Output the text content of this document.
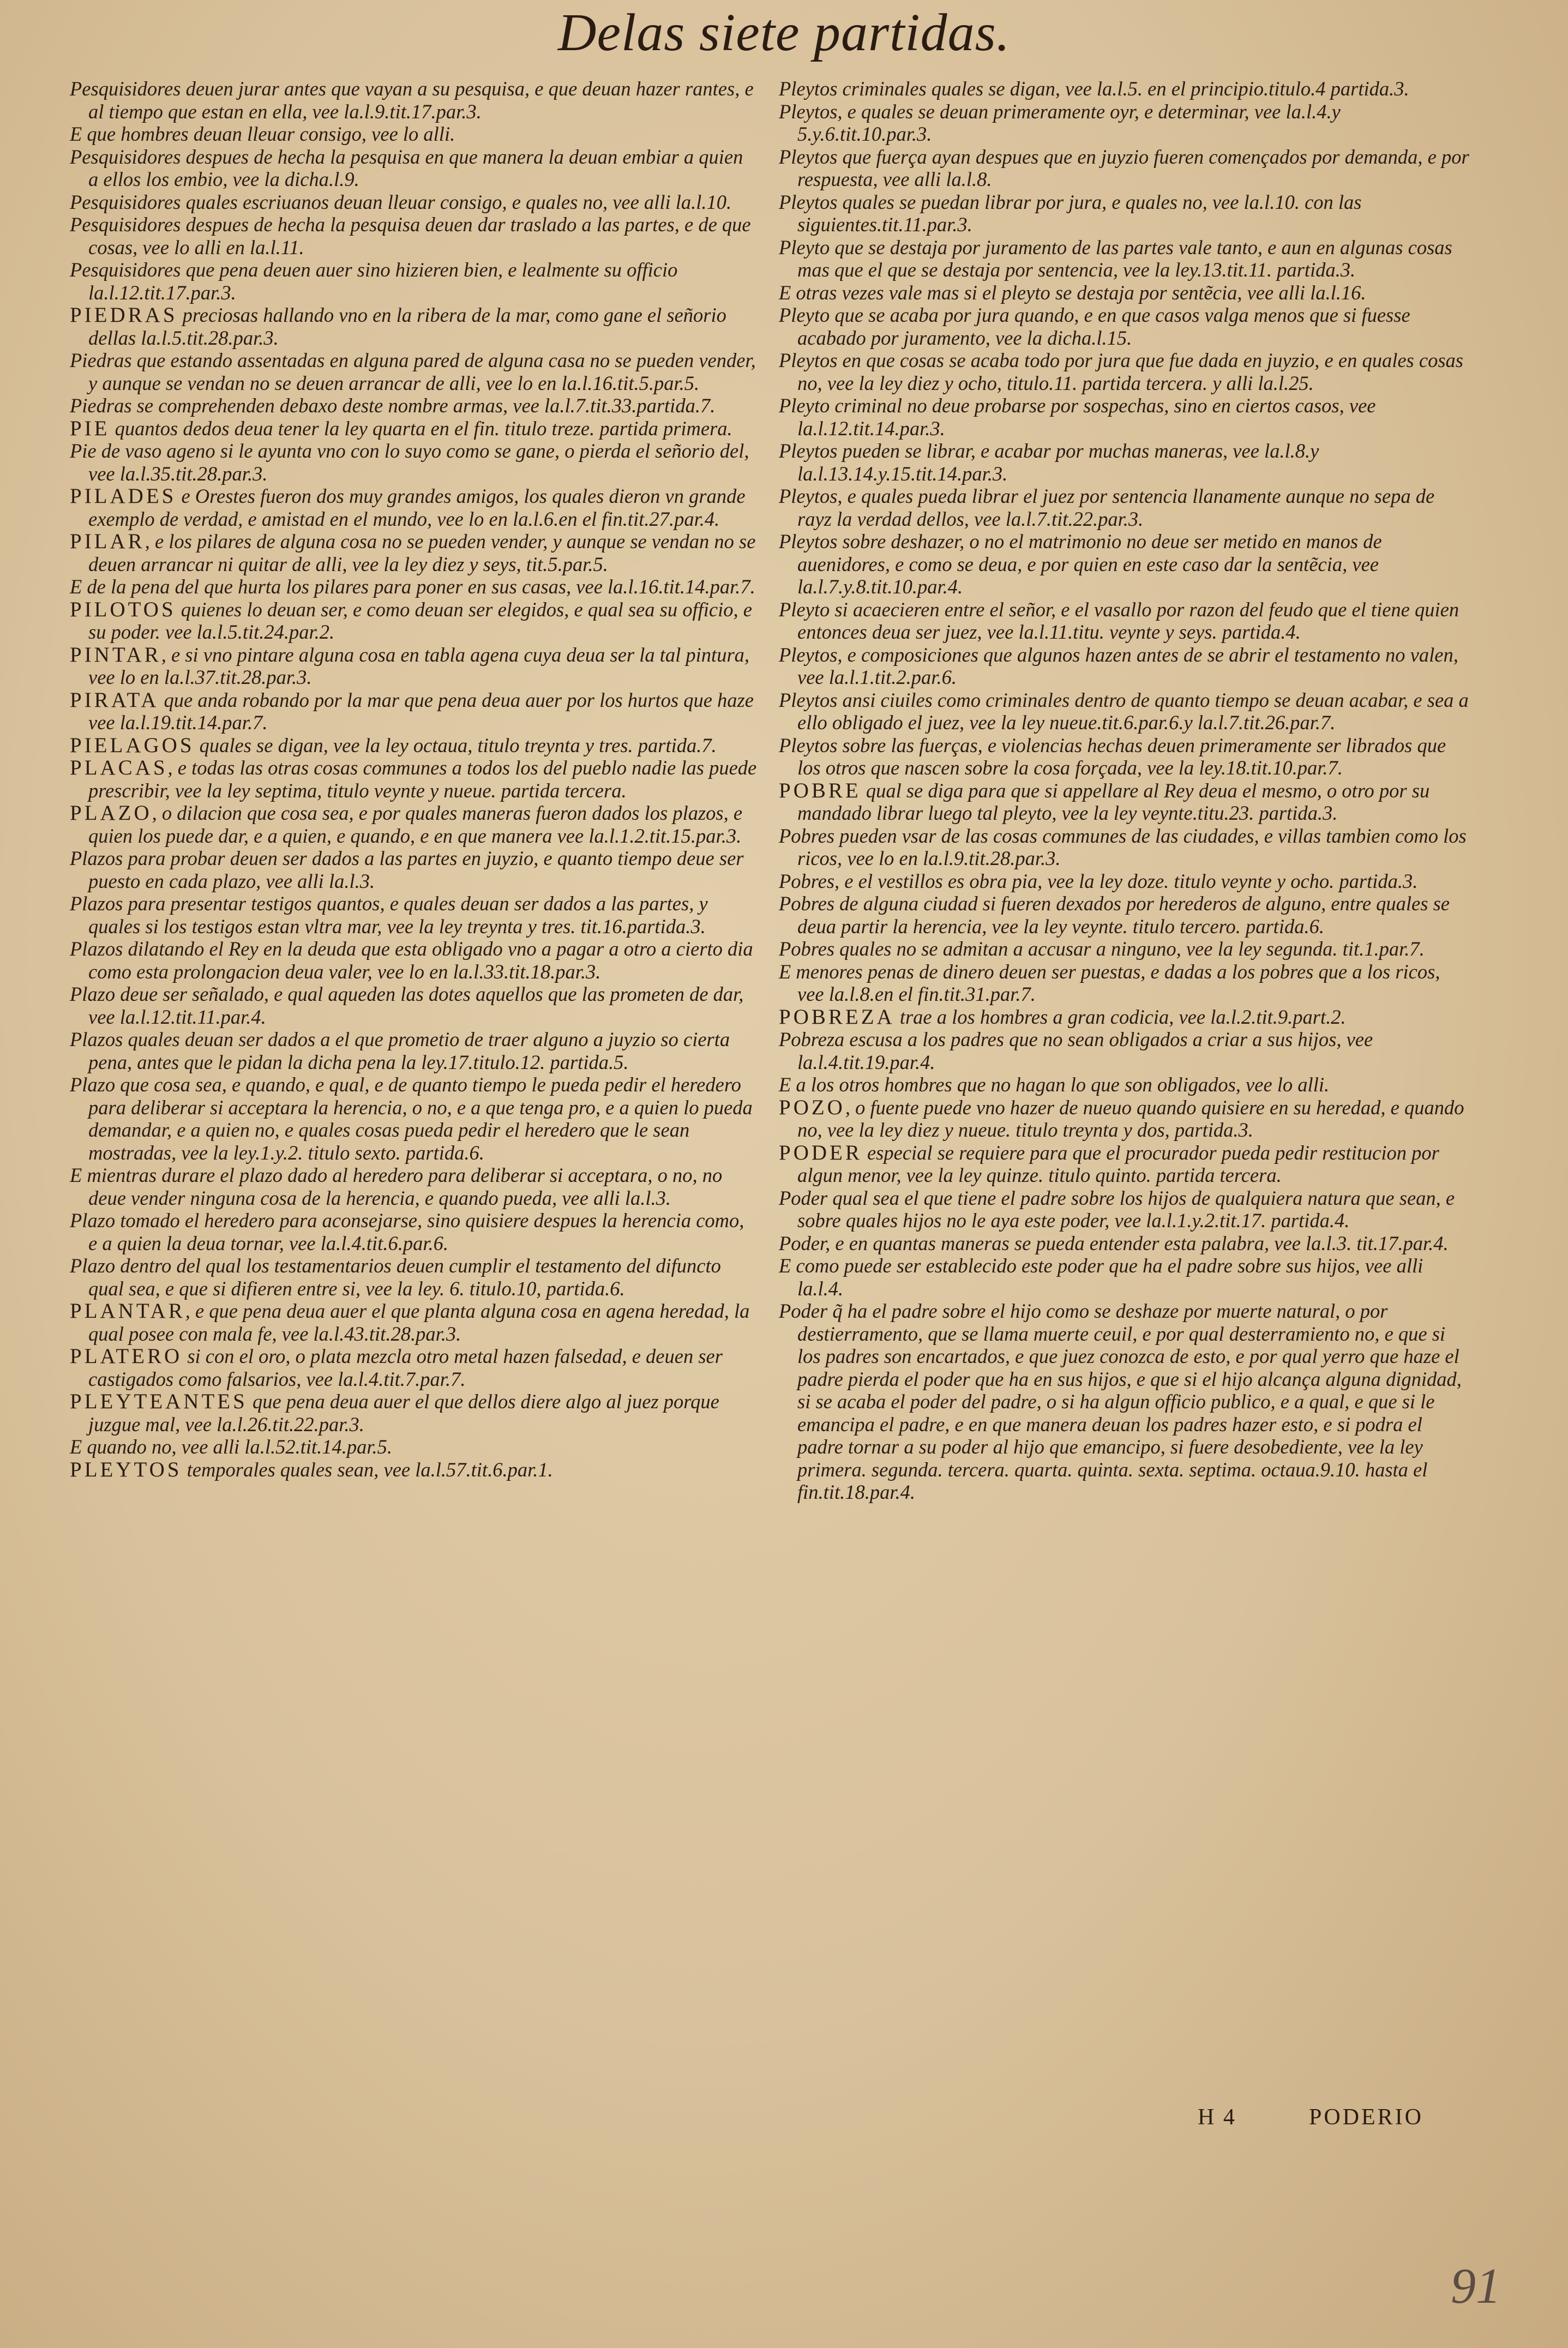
Delas siete partidas.

Pesquisidores deuen jurar antes que vayan a su pesquisa, e que deuan hazer rantes, e al tiempo que estan en ella, vee la.l.9.tit.17.par.3.

E que hombres deuan lleuar consigo, vee lo alli.

Pesquisidores despues de hecha la pesquisa en que manera la deuan embiar a quien a ellos los embio, vee la dicha.l.9.

Pesquisidores quales escriuanos deuan lleuar consigo, e quales no, vee alli la.l.10.

Pesquisidores despues de hecha la pesquisa deuen dar traslado a las partes, e de que cosas, vee lo alli en la.l.11.

Pesquisidores que pena deuen auer sino hizieren bien, e lealmente su officio la.l.12.tit.17.par.3.

PIEDRAS preciosas hallando vno en la ribera de la mar, como gane el señorio dellas la.l.5.tit.28.par.3.

Piedras que estando assentadas en alguna pared de alguna casa no se pueden vender, y aunque se vendan no se deuen arrancar de alli, vee lo en la.l.16.tit.5.par.5.

Piedras se comprehenden debaxo deste nombre armas, vee la.l.7.tit.33.partida.7.

PIE quantos dedos deua tener la ley quarta en el fin. titulo treze. partida primera.

Pie de vaso ageno si le ayunta vno con lo suyo como se gane, o pierda el señorio del, vee la.l.35.tit.28.par.3.

PILADES e Orestes fueron dos muy grandes amigos, los quales dieron vn grande exemplo de verdad, e amistad en el mundo, vee lo en la.l.6.en el fin.tit.27.par.4.

PILAR, e los pilares de alguna cosa no se pueden vender, y aunque se vendan no se deuen arrancar ni quitar de alli, vee la ley diez y seys, tit.5.par.5.

E de la pena del que hurta los pilares para poner en sus casas, vee la.l.16.tit.14.par.7.

PILOTOS quienes lo deuan ser, e como deuan ser elegidos, e qual sea su officio, e su poder. vee la.l.5.tit.24.par.2.

PINTAR, e si vno pintare alguna cosa en tabla agena cuya deua ser la tal pintura, vee lo en la.l.37.tit.28.par.3.

PIRATA que anda robando por la mar que pena deua auer por los hurtos que haze vee la.l.19.tit.14.par.7.

PIELAGOS quales se digan, vee la ley octaua, titulo treynta y tres. partida.7.

PLACAS, e todas las otras cosas communes a todos los del pueblo nadie las puede prescribir, vee la ley septima, titulo veynte y nueue. partida tercera.

PLAZO, o dilacion que cosa sea, e por quales maneras fueron dados los plazos, e quien los puede dar, e a quien, e quando, e en que manera vee la.l.1.2.tit.15.par.3.

Plazos para probar deuen ser dados a las partes en juyzio, e quanto tiempo deue ser puesto en cada plazo, vee alli la.l.3.

Plazos para presentar testigos quantos, e quales deuan ser dados a las partes, y quales si los testigos estan vltra mar, vee la ley treynta y tres. tit.16.partida.3.

Plazos dilatando el Rey en la deuda que esta obligado vno a pagar a otro a cierto dia como esta prolongacion deua valer, vee lo en la.l.33.tit.18.par.3.

Plazo deue ser señalado, e qual aqueden las dotes aquellos que las prometen de dar, vee la.l.12.tit.11.par.4.

Plazos quales deuan ser dados a el que prometio de traer alguno a juyzio so cierta pena, antes que le pidan la dicha pena la ley.17.titulo.12. partida.5.

Plazo que cosa sea, e quando, e qual, e de quanto tiempo le pueda pedir el heredero para deliberar si acceptara la herencia, o no, e a que tenga pro, e a quien lo pueda demandar, e a quien no, e quales cosas pueda pedir el heredero que le sean mostradas, vee la ley.1.y.2. titulo sexto. partida.6.

E mientras durare el plazo dado al heredero para deliberar si acceptara, o no, no deue vender ninguna cosa de la herencia, e quando pueda, vee alli la.l.3.

Plazo tomado el heredero para aconsejarse, sino quisiere despues la herencia como, e a quien la deua tornar, vee la.l.4.tit.6.par.6.

Plazo dentro del qual los testamentarios deuen cumplir el testamento del difuncto qual sea, e que si difieren entre si, vee la ley. 6. titulo.10, partida.6.

PLANTAR, e que pena deua auer el que planta alguna cosa en agena heredad, la qual posee con mala fe, vee la.l.43.tit.28.par.3.

PLATERO si con el oro, o plata mezcla otro metal hazen falsedad, e deuen ser castigados como falsarios, vee la.l.4.tit.7.par.7.

PLEYTEANTES que pena deua auer el que dellos diere algo al juez porque juzgue mal, vee la.l.26.tit.22.par.3.

E quando no, vee alli la.l.52.tit.14.par.5.

PLEYTOS temporales quales sean, vee la.l.57.tit.6.par.1.

Pleytos criminales quales se digan, vee la.l.5. en el principio.titulo.4 partida.3.

Pleytos, e quales se deuan primeramente oyr, e determinar, vee la.l.4.y 5.y.6.tit.10.par.3.

Pleytos que fuerça ayan despues que en juyzio fueren començados por demanda, e por respuesta, vee alli la.l.8.

Pleytos quales se puedan librar por jura, e quales no, vee la.l.10. con las siguientes.tit.11.par.3.

Pleyto que se destaja por juramento de las partes vale tanto, e aun en algunas cosas mas que el que se destaja por sentencia, vee la ley.13.tit.11. partida.3.

E otras vezes vale mas si el pleyto se destaja por sentẽcia, vee alli la.l.16.

Pleyto que se acaba por jura quando, e en que casos valga menos que si fuesse acabado por juramento, vee la dicha.l.15.

Pleytos en que cosas se acaba todo por jura que fue dada en juyzio, e en quales cosas no, vee la ley diez y ocho, titulo.11. partida tercera. y alli la.l.25.

Pleyto criminal no deue probarse por sospechas, sino en ciertos casos, vee la.l.12.tit.14.par.3.

Pleytos pueden se librar, e acabar por muchas maneras, vee la.l.8.y la.l.13.14.y.15.tit.14.par.3.

Pleytos, e quales pueda librar el juez por sentencia llanamente aunque no sepa de rayz la verdad dellos, vee la.l.7.tit.22.par.3.

Pleytos sobre deshazer, o no el matrimonio no deue ser metido en manos de auenidores, e como se deua, e por quien en este caso dar la sentẽcia, vee la.l.7.y.8.tit.10.par.4.

Pleyto si acaecieren entre el señor, e el vasallo por razon del feudo que el tiene quien entonces deua ser juez, vee la.l.11.titu. veynte y seys. partida.4.

Pleytos, e composiciones que algunos hazen antes de se abrir el testamento no valen, vee la.l.1.tit.2.par.6.

Pleytos ansi ciuiles como criminales dentro de quanto tiempo se deuan acabar, e sea a ello obligado el juez, vee la ley nueue.tit.6.par.6.y la.l.7.tit.26.par.7.

Pleytos sobre las fuerças, e violencias hechas deuen primeramente ser librados que los otros que nascen sobre la cosa forçada, vee la ley.18.tit.10.par.7.

POBRE qual se diga para que si appellare al Rey deua el mesmo, o otro por su mandado librar luego tal pleyto, vee la ley veynte.titu.23. partida.3.

Pobres pueden vsar de las cosas communes de las ciudades, e villas tambien como los ricos, vee lo en la.l.9.tit.28.par.3.

Pobres, e el vestillos es obra pia, vee la ley doze. titulo veynte y ocho. partida.3.

Pobres de alguna ciudad si fueren dexados por herederos de alguno, entre quales se deua partir la herencia, vee la ley veynte. titulo tercero. partida.6.

Pobres quales no se admitan a accusar a ninguno, vee la ley segunda. tit.1.par.7.

E menores penas de dinero deuen ser puestas, e dadas a los pobres que a los ricos, vee la.l.8.en el fin.tit.31.par.7.

POBREZA trae a los hombres a gran codicia, vee la.l.2.tit.9.part.2.

Pobreza escusa a los padres que no sean obligados a criar a sus hijos, vee la.l.4.tit.19.par.4.

E a los otros hombres que no hagan lo que son obligados, vee lo alli.

POZO, o fuente puede vno hazer de nueuo quando quisiere en su heredad, e quando no, vee la ley diez y nueue. titulo treynta y dos, partida.3.

PODER especial se requiere para que el procurador pueda pedir restitucion por algun menor, vee la ley quinze. titulo quinto. partida tercera.

Poder qual sea el que tiene el padre sobre los hijos de qualquiera natura que sean, e sobre quales hijos no le aya este poder, vee la.l.1.y.2.tit.17. partida.4.

Poder, e en quantas maneras se pueda entender esta palabra, vee la.l.3. tit.17.par.4.

E como puede ser establecido este poder que ha el padre sobre sus hijos, vee alli la.l.4.

Poder q̃ ha el padre sobre el hijo como se deshaze por muerte natural, o por destierramento, que se llama muerte ceuil, e por qual desterramiento no, e que si los padres son encartados, e que juez conozca de esto, e por qual yerro que haze el padre pierda el poder que ha en sus hijos, e que si el hijo alcança alguna dignidad, si se acaba el poder del padre, o si ha algun officio publico, e a qual, e que si le emancipa el padre, e en que manera deuan los padres hazer esto, e si podra el padre tornar a su poder al hijo que emancipo, si fuere desobediente, vee la ley primera. segunda. tercera. quarta. quinta. sexta. septima. octaua.9.10. hasta el fin.tit.18.par.4.

H 4	PODERIO
91
